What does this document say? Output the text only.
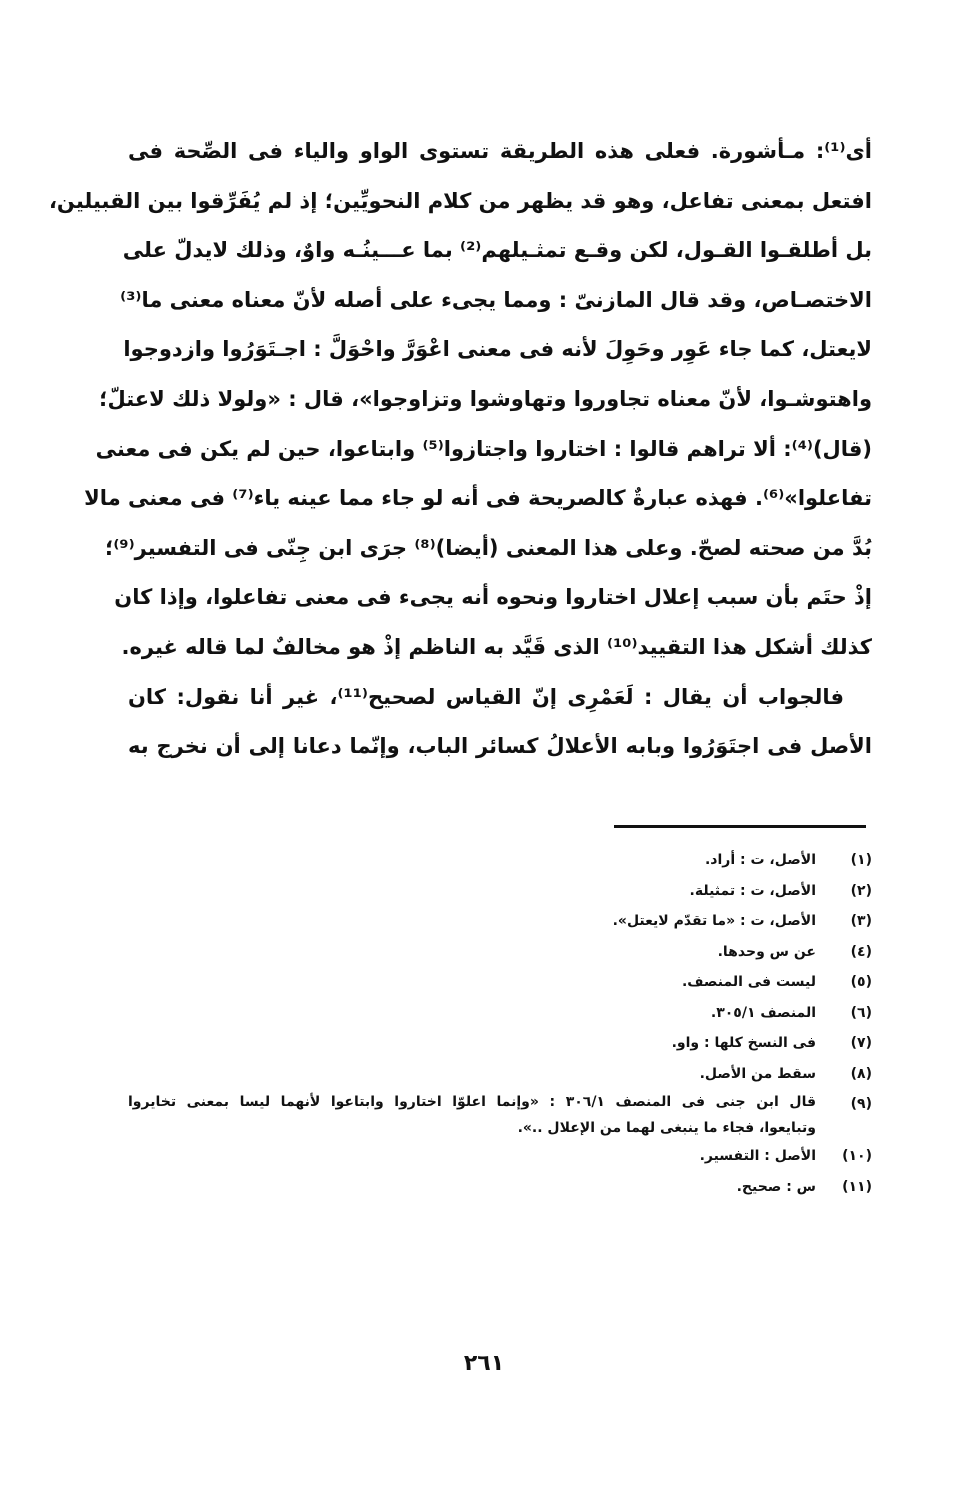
أى⁽¹⁾: مـأشورة. فعلى هذه الطريقة تستوى الواو والياء فى الصِّحة فى
افتعل بمعنى تفاعل، وهو قد يظهر من كلام النحويِّين؛ إذ لم يُفَرِّقوا بين القبيلين،
بل أطلقـوا القـول، لكن وقـع تمثـيلهم⁽²⁾ بما عـــينُـه واوٌ، وذلك لايدلّ على
الاختصـاص، وقد قال المازنىّ : ومما يجىء على أصله لأنّ معناه معنى ما⁽³⁾
لايعتل، كما جاء عَوِر وحَوِلَ لأنه فى معنى اعْوَرَّ واحْوَلَّ : اجـتَوَرُوا وازدوجوا
واهتوشـوا، لأنّ معناه تجاوروا وتهاوشوا وتزاوجوا»، قال : «ولولا ذلك لاعتلّ؛
(قال)⁽⁴⁾: ألا تراهم قالوا : اختاروا واجتازوا⁽⁵⁾ وابتاعوا، حين لم يكن فى معنى
تفاعلوا»⁽⁶⁾. فهذه عبارةٌ كالصريحة فى أنه لو جاء مما عينه ياء⁽⁷⁾ فى معنى مالا
بُدَّ من صحته لصحّ. وعلى هذا المعنى (أيضا)⁽⁸⁾ جرَى ابن جِنّى فى التفسير⁽⁹⁾؛
إذْ حتَم بأن سبب إعلال اختاروا ونحوه أنه يجىء فى معنى تفاعلوا، وإذا كان
كذلك أشكل هذا التقييد⁽¹⁰⁾ الذى قَيَّد به الناظم إذْ هو مخالفٌ لما قاله غيره.
فالجواب أن يقال : لَعَمْرِى إنّ القياس لصحيح⁽¹¹⁾، غير أنا نقول: كان
الأصل فى اجتَوَرُوا وبابه الأعلالُ كسائر الباب، وإنّما دعانا إلى أن نخرج به
(١)
الأصل، ت : أراد.
(٢)
الأصل، ت : تمثيلة.
(٣)
الأصل، ت : «ما تقدّم لايعتل».
(٤)
عن س وحدها.
(٥)
ليست فى المنصف.
(٦)
المنصف ٣٠٥/١.
(٧)
فى النسخ كلها : واو.
(٨)
سقط من الأصل.
(٩)
قال ابن جنى فى المنصف ٣٠٦/١ : «وإنما اعلوّا اختاروا وابتاعوا لأنهما ليسا بمعنى تخايروا
وتبايعوا، فجاء ما ينبغى لهما من الإعلال ..».
(١٠)
الأصل : التفسير.
(١١)
س : صحيح.
٢٦١
